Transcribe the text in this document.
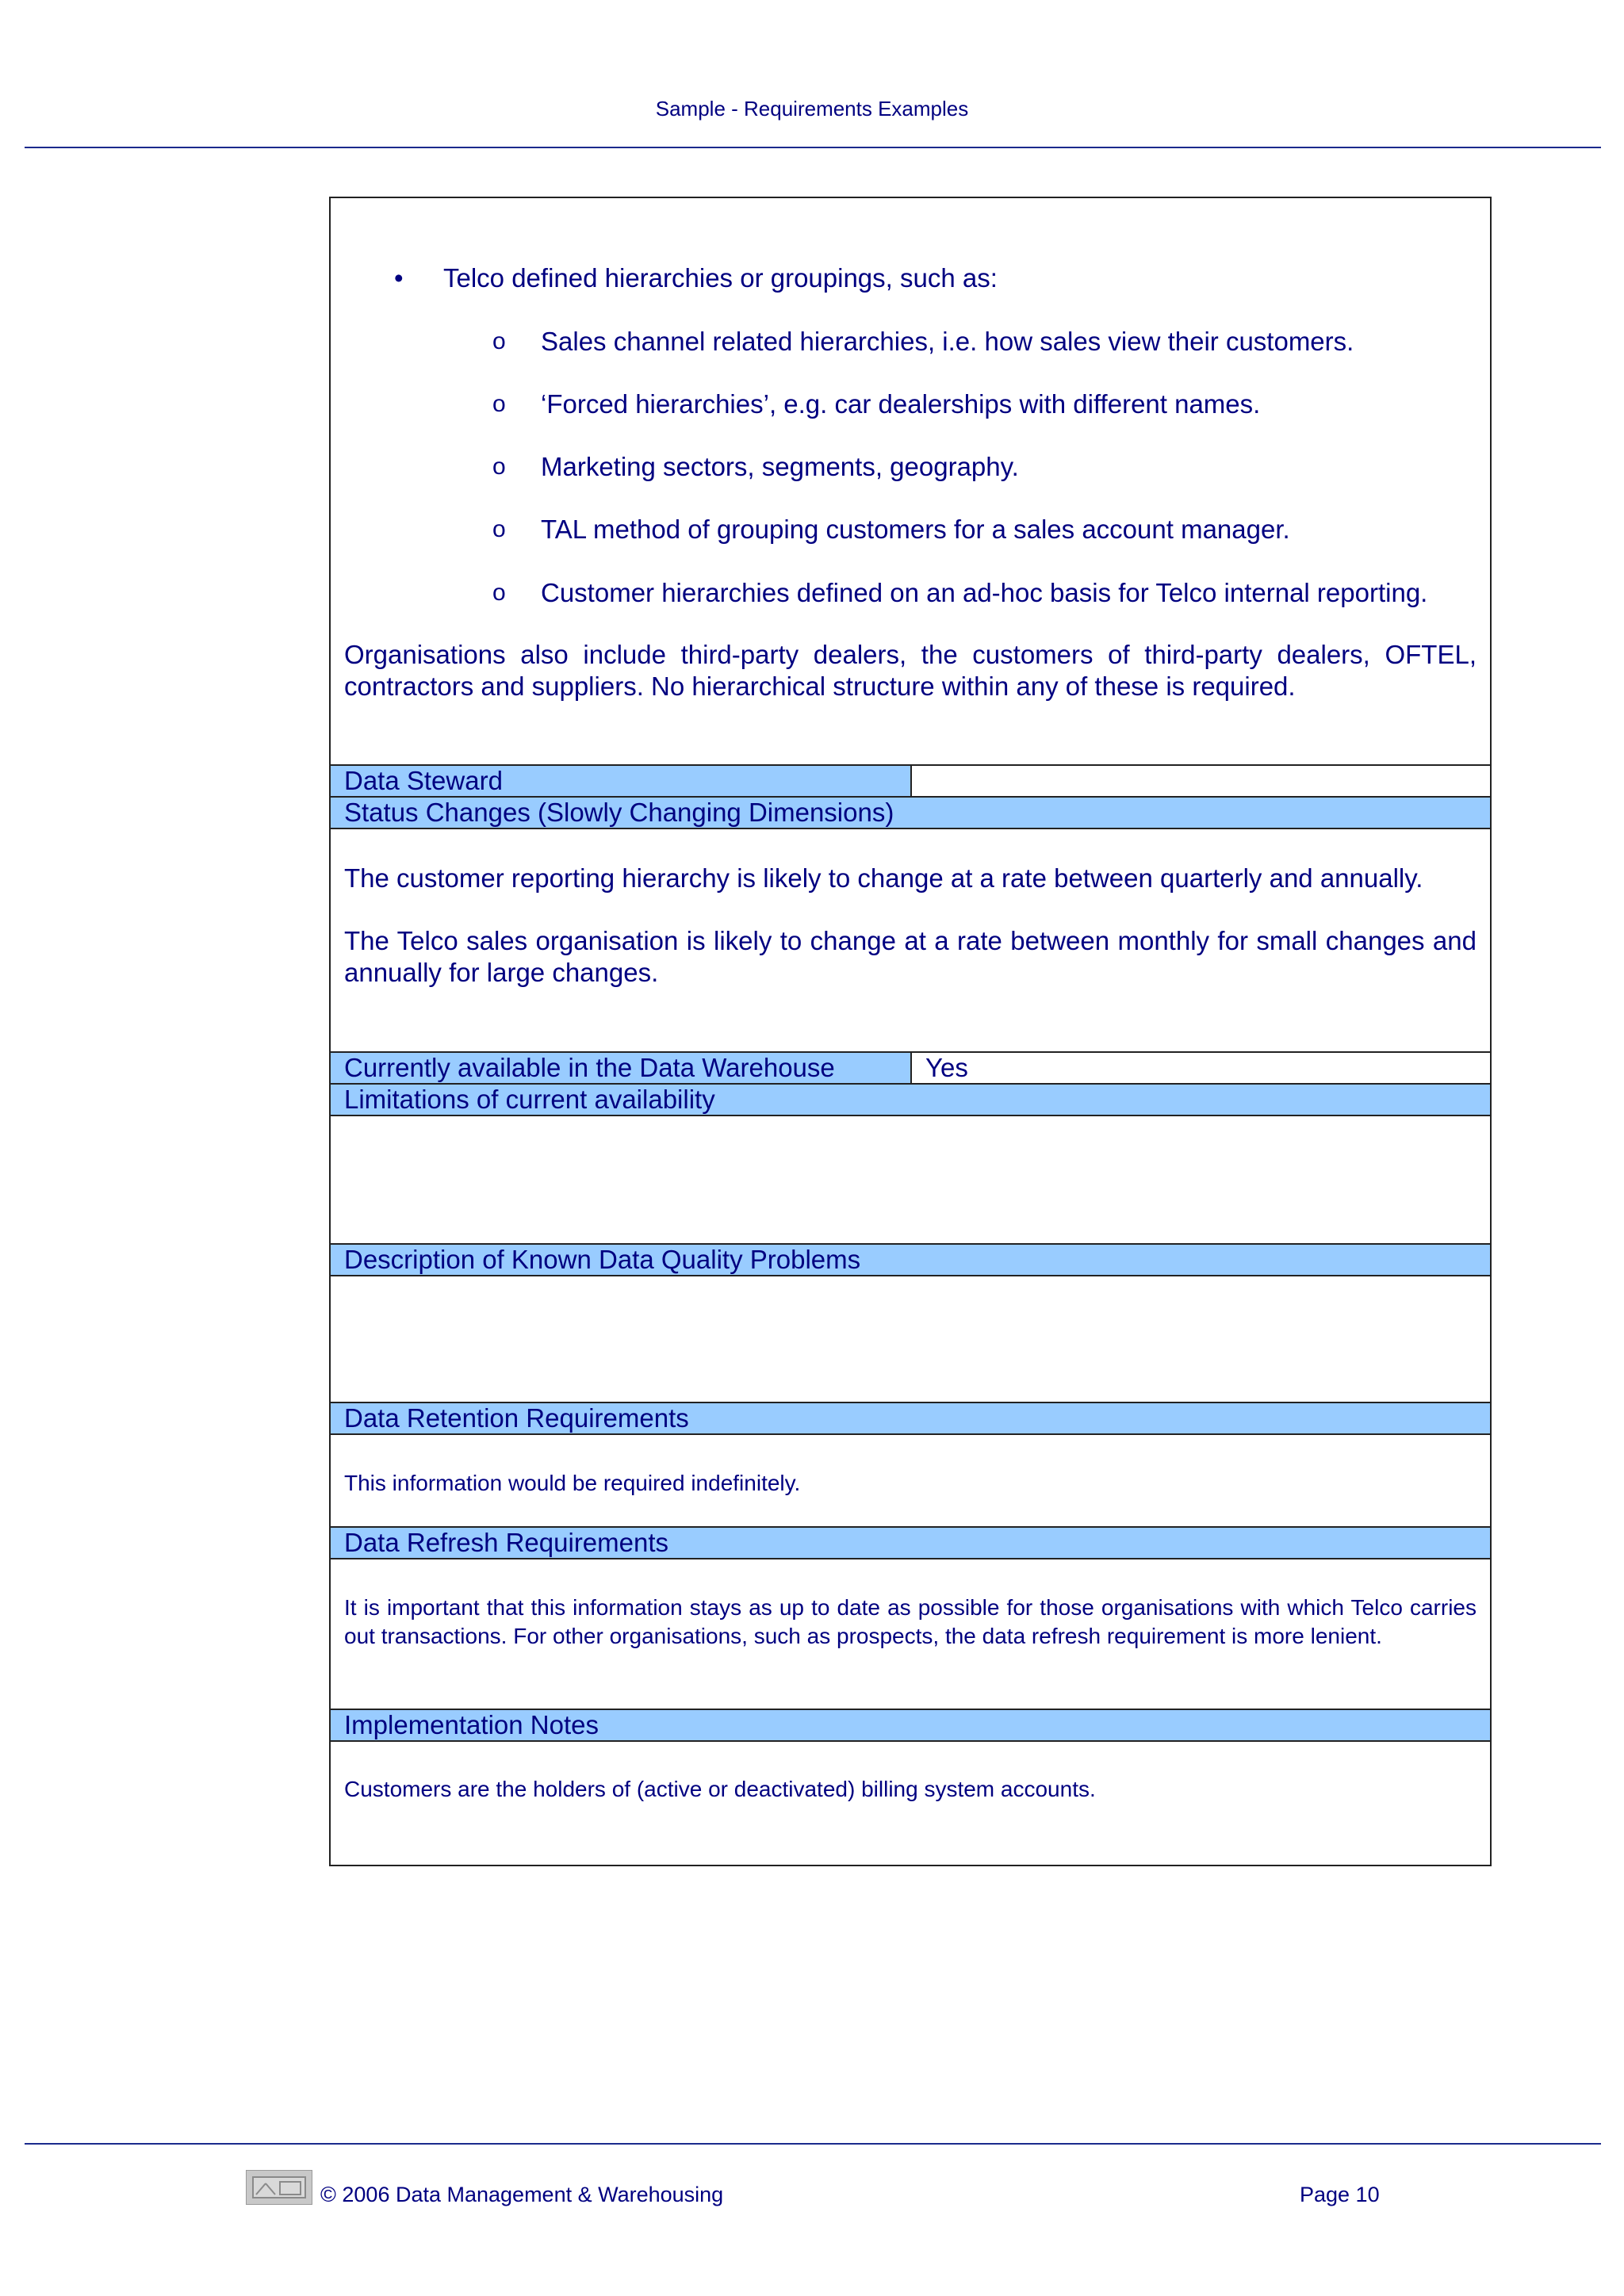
Sample - Requirements Examples
• Telco defined hierarchies or groupings, such as:
o Sales channel related hierarchies, i.e. how sales view their customers.
o ‘Forced hierarchies’, e.g. car dealerships with different names.
o Marketing sectors, segments, geography.
o TAL method of grouping customers for a sales account manager.
o Customer hierarchies defined on an ad-hoc basis for Telco internal reporting.
Organisations also include third-party dealers, the customers of third-party dealers, OFTEL, contractors and suppliers. No hierarchical structure within any of these is required.
Data Steward
Status Changes (Slowly Changing Dimensions)
The customer reporting hierarchy is likely to change at a rate between quarterly and annually.
The Telco sales organisation is likely to change at a rate between monthly for small changes and annually for large changes.
Currently available in the Data Warehouse	Yes
Limitations of current availability
Description of Known Data Quality Problems
Data Retention Requirements
This information would be required indefinitely.
Data Refresh Requirements
It is important that this information stays as up to date as possible for those organisations with which Telco carries out transactions. For other organisations, such as prospects, the data refresh requirement is more lenient.
Implementation Notes
Customers are the holders of (active or deactivated) billing system accounts.
© 2006 Data Management & Warehousing	Page 10
